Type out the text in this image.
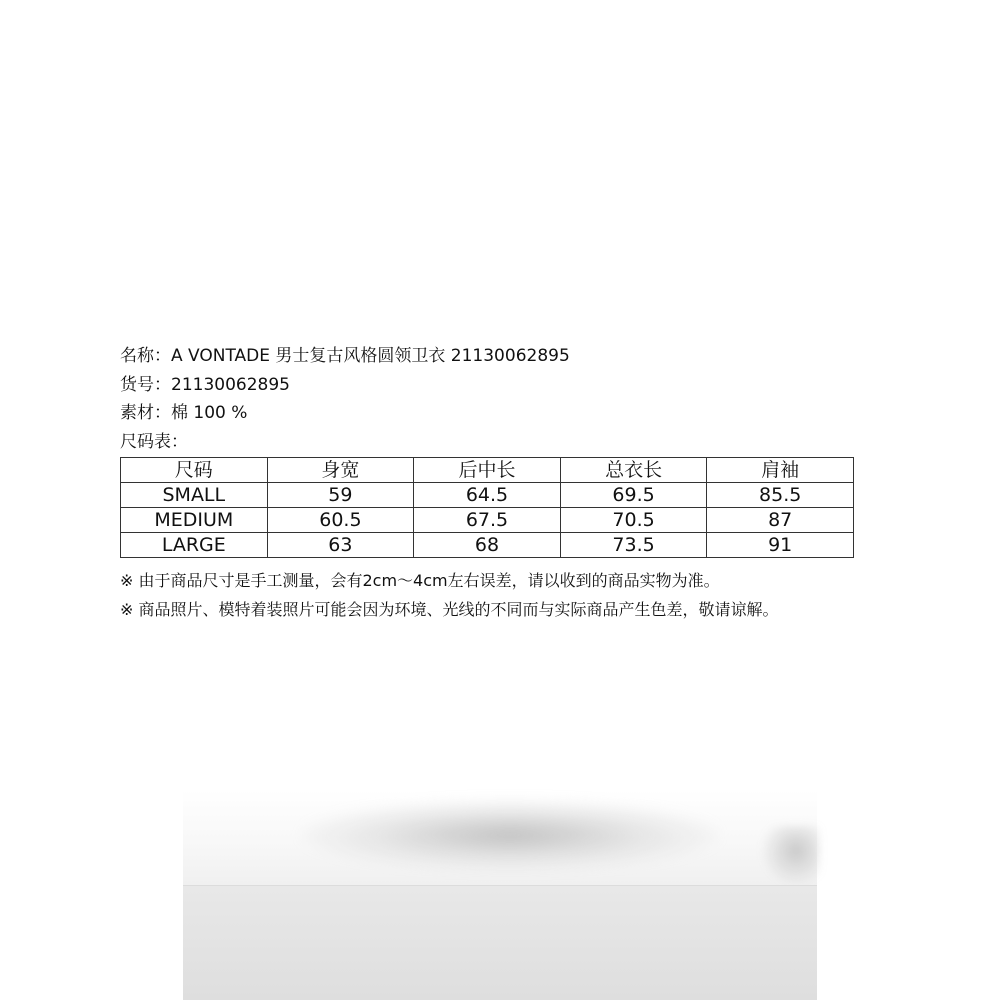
名称：A VONTADE 男士复古风格圆领卫衣 21130062895
货号：21130062895
素材：棉 100 %
尺码表：
尺码	身宽	后中长	总衣长	肩袖
SMALL	59	64.5	69.5	85.5
MEDIUM	60.5	67.5	70.5	87
LARGE	63	68	73.5	91
※ 由于商品尺寸是手工测量，会有2cm～4cm左右误差，请以收到的商品实物为准。
※ 商品照片、模特着装照片可能会因为环境、光线的不同而与实际商品产生色差，敬请谅解。
